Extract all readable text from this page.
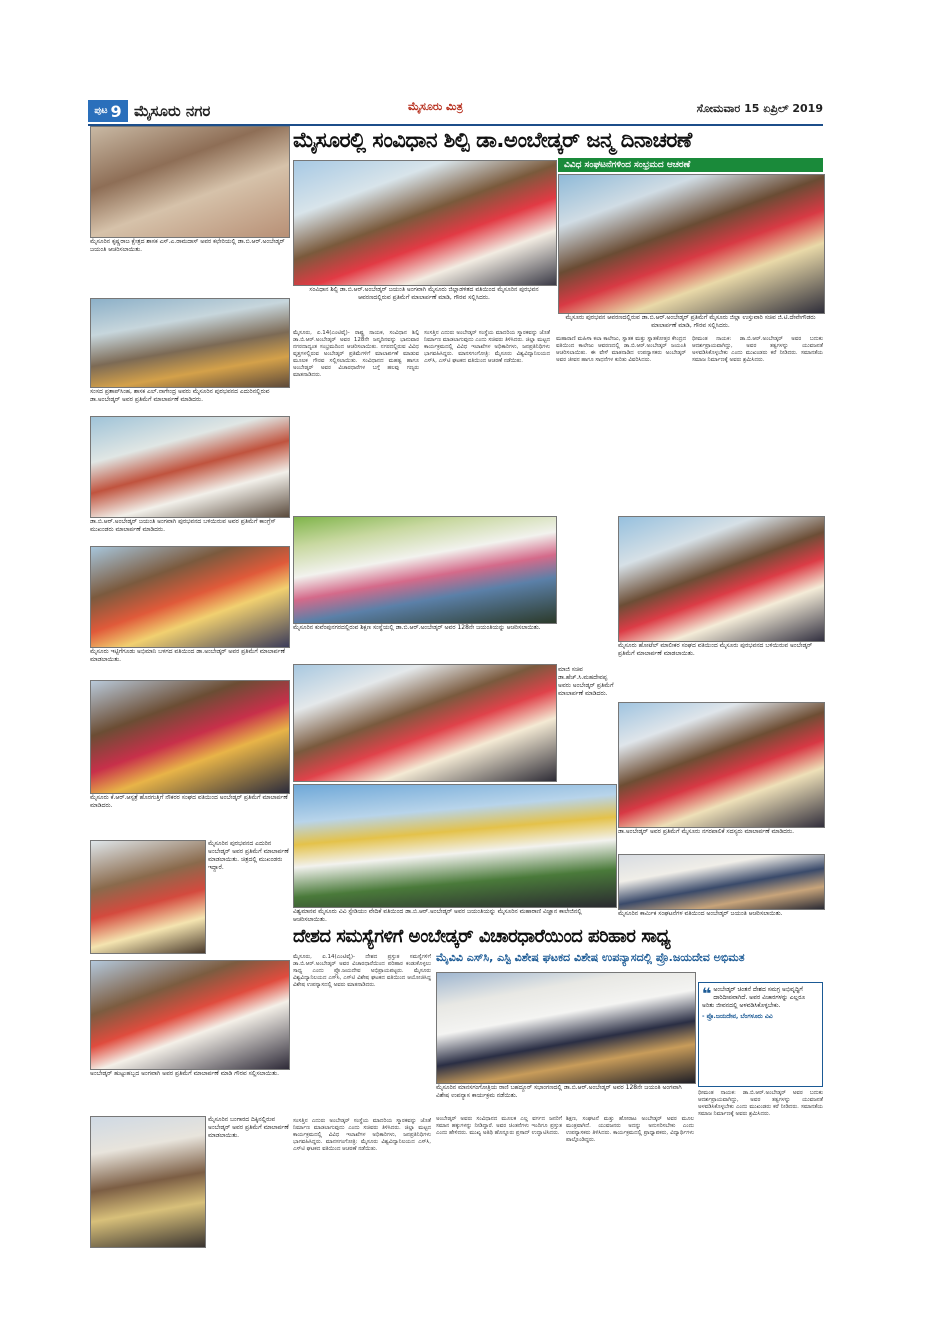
ಪುಟ 9 ಮೈಸೂರು ನಗರ	ಮೈಸೂರು ಮಿತ್ರ	ಸೋಮವಾರ 15 ಏಪ್ರಿಲ್ 2019
ಮೈಸೂರಲ್ಲಿ ಸಂವಿಧಾನ ಶಿಲ್ಪಿ ಡಾ.ಅಂಬೇಡ್ಕರ್ ಜನ್ಮ ದಿನಾಚರಣೆ
ವಿವಿಧ ಸಂಘಟನೆಗಳಿಂದ ಸಂಭ್ರಮದ ಆಚರಣೆ
ಮೈಸೂರಿನ ಕೃಷ್ಣರಾಜ ಕ್ಷೇತ್ರದ ಶಾಸಕ ಎಸ್.ಎ.ರಾಮದಾಸ್ ಅವರ ಕಛೇರಿಯಲ್ಲಿ ಡಾ.ಬಿ.ಆರ್.ಅಂಬೇಡ್ಕರ್ ಜಯಂತಿ ಆಚರಿಸಲಾಯಿತು.
ಸಂಸದ ಪ್ರತಾಪ್‌ಸಿಂಹ, ಶಾಸಕ ಎಲ್.ನಾಗೇಂದ್ರ ಅವರು ಮೈಸೂರಿನ ಪುರಭವನದ ಎದುರಿನಲ್ಲಿರುವ ಡಾ.ಅಂಬೇಡ್ಕರ್ ಅವರ ಪ್ರತಿಮೆಗೆ ಮಾಲಾರ್ಪಣೆ ಮಾಡಿದರು.
ಡಾ.ಬಿ.ಆರ್.ಅಂಬೇಡ್ಕರ್ ಜಯಂತಿ ಅಂಗವಾಗಿ ಪುರಭವನದ ಬಳಿಯಿರುವ ಅವರ ಪ್ರತಿಮೆಗೆ ಕಾಂಗ್ರೆಸ್ ಮುಖಂಡರು ಮಾಲಾರ್ಪಣೆ ಮಾಡಿದರು.
ಮೈಸೂರು ಇಟ್ಟಿಗೆಗೂಡು ಅಭಿಮಾನಿ ಬಳಗದ ವತಿಯಿಂದ ಡಾ.ಅಂಬೇಡ್ಕರ್ ಅವರ ಪ್ರತಿಮೆಗೆ ಮಾಲಾರ್ಪಣೆ ಮಾಡಲಾಯಿತು.
ಮೈಸೂರು ಕೆ.ಆರ್.ಆಸ್ಪತ್ರೆ ಹೊರಗುತ್ತಿಗೆ ನೌಕರರ ಸಂಘದ ವತಿಯಿಂದ ಅಂಬೇಡ್ಕರ್ ಪ್ರತಿಮೆಗೆ ಮಾಲಾರ್ಪಣೆ ಮಾಡಿದರು.
ಮೈಸೂರಿನ ಪುರಭವನದ ಎದುರಿನ ಅಂಬೇಡ್ಕರ್ ಅವರ ಪ್ರತಿಮೆಗೆ ಮಾಲಾರ್ಪಣೆ ಮಾಡಲಾಯಿತು. ಚಿತ್ರದಲ್ಲಿ ಮುಖಂಡರು ಇದ್ದಾರೆ.
ಅಂಬೇಡ್ಕರ್ ಹುಟ್ಟುಹಬ್ಬದ ಅಂಗವಾಗಿ ಅವರ ಪ್ರತಿಮೆಗೆ ಮಾಲಾರ್ಪಣೆ ಮಾಡಿ ಗೌರವ ಸಲ್ಲಿಸಲಾಯಿತು.
ಮೈಸೂರಿನ ಬಂಗಾರದ ದಿಕ್ಕಿನಲ್ಲಿರುವ ಅಂಬೇಡ್ಕರ್ ಅವರ ಪ್ರತಿಮೆಗೆ ಮಾಲಾರ್ಪಣೆ ಮಾಡಲಾಯಿತು.
ಸಂವಿಧಾನ ಶಿಲ್ಪಿ ಡಾ.ಬಿ.ಆರ್.ಅಂಬೇಡ್ಕರ್ ಜಯಂತಿ ಅಂಗವಾಗಿ ಮೈಸೂರು ಜಿಲ್ಲಾಡಳಿತದ ವತಿಯಿಂದ ಮೈಸೂರಿನ ಪುರಭವನ ಆವರಣದಲ್ಲಿರುವ ಪ್ರತಿಮೆಗೆ ಮಾಲಾರ್ಪಣೆ ಮಾಡಿ, ಗೌರವ ಸಲ್ಲಿಸಿದರು.
ಮೈಸೂರು ಪುರಭವನ ಆವರಣದಲ್ಲಿರುವ ಡಾ.ಬಿ.ಆರ್.ಅಂಬೇಡ್ಕರ್ ಪ್ರತಿಮೆಗೆ ಮೈಸೂರು ಜಿಲ್ಲಾ ಉಸ್ತುವಾರಿ ಸಚಿವ ಜಿ.ಟಿ.ದೇವೇಗೌಡರು ಮಾಲಾರ್ಪಣೆ ಮಾಡಿ, ಗೌರವ ಸಲ್ಲಿಸಿದರು.
ಮೈಸೂರು, ಏ.14(ಎಂಟಿವೈ)- ರಾಷ್ಟ್ರ ನಾಯಕ, ಸಂವಿಧಾನ ಶಿಲ್ಪಿ ಡಾ.ಬಿ.ಆರ್.ಅಂಬೇಡ್ಕರ್ ಅವರ 128ನೇ ಜನ್ಮದಿನವನ್ನು ಭಾನುವಾರ ನಗರದಾದ್ಯಂತ ಸಂಭ್ರಮದಿಂದ ಆಚರಿಸಲಾಯಿತು. ನಗರದಲ್ಲಿರುವ ವಿವಿಧ ವೃತ್ತಗಳಲ್ಲಿರುವ ಅಂಬೇಡ್ಕರ್ ಪ್ರತಿಮೆಗಳಿಗೆ ಮಾಲಾರ್ಪಣೆ ಮಾಡುವ ಮೂಲಕ ಗೌರವ ಸಲ್ಲಿಸಲಾಯಿತು. ಸಂವಿಧಾನದ ಮಹತ್ವ ಹಾಗೂ ಅಂಬೇಡ್ಕರ್ ಅವರ ವಿಚಾರಧಾರೆಗಳ ಬಗ್ಗೆ ಹಲವು ಗಣ್ಯರು ಮಾತನಾಡಿದರು.
ಸಂಸತ್ತಿನ ಎದುರು ಅಂಬೇಡ್ಕರ್ ಸಂಸ್ಥೆಯ ಮಾದರಿಯ ಸ್ಮಾರಕವನ್ನು ಜೊತೆ ನಿರ್ಮಾಣ ಮಾಡಲಾಗುವುದು ಎಂದು ಸಚಿವರು ತಿಳಿಸಿದರು. ಜಿಲ್ಲಾ ಮಟ್ಟದ ಕಾರ್ಯಕ್ರಮದಲ್ಲಿ ವಿವಿಧ ಇಲಾಖೆಗಳ ಅಧಿಕಾರಿಗಳು, ಜನಪ್ರತಿನಿಧಿಗಳು ಭಾಗವಹಿಸಿದ್ದರು. ಮಾನಸಗಂಗೋತ್ರಿ: ಮೈಸೂರು ವಿಶ್ವವಿದ್ಯಾನಿಲಯದ ಎಸ್‌ಸಿ, ಎಸ್‌ಟಿ ಘಟಕದ ವತಿಯಿಂದ ಆಚರಣೆ ನಡೆಯಿತು.
ಮಹಾರಾಣಿ ಮಹಿಳಾ ಕಲಾ ಕಾಲೇಜು, ಸ್ನಾತಕ ಮತ್ತು ಸ್ನಾತಕೋತ್ತರ ಕೇಂದ್ರದ ವತಿಯಿಂದ ಕಾಲೇಜು ಆವರಣದಲ್ಲಿ ಡಾ.ಬಿ.ಆರ್.ಅಂಬೇಡ್ಕರ್ ಜಯಂತಿ ಆಚರಿಸಲಾಯಿತು. ಈ ವೇಳೆ ಮಾತನಾಡಿದ ಉಪನ್ಯಾಸಕರು ಅಂಬೇಡ್ಕರ್ ಅವರ ಜೀವನ ಹಾಗೂ ಸಾಧನೆಗಳ ಕುರಿತು ವಿವರಿಸಿದರು.
ಧೀಮಂತ ನಾಯಕ: ಡಾ.ಬಿ.ಆರ್.ಅಂಬೇಡ್ಕರ್ ಅವರ ಬದುಕು ಆದರ್ಶಪ್ರಾಯವಾಗಿದ್ದು, ಅವರ ತತ್ವಗಳನ್ನು ಯುವಜನತೆ ಅಳವಡಿಸಿಕೊಳ್ಳಬೇಕು ಎಂದು ಮುಖಂಡರು ಕರೆ ನೀಡಿದರು. ಸಮಾನತೆಯ ಸಮಾಜ ನಿರ್ಮಾಣಕ್ಕೆ ಅವರು ಶ್ರಮಿಸಿದರು.
ಮೈಸೂರಿನ ಕುವೆಂಪುನಗರದಲ್ಲಿರುವ ಶಿಕ್ಷಣ ಸಂಸ್ಥೆಯಲ್ಲಿ ಡಾ.ಬಿ.ಆರ್.ಅಂಬೇಡ್ಕರ್ ಅವರ 128ನೇ ಜಯಂತಿಯನ್ನು ಆಚರಿಸಲಾಯಿತು.
ಮೈಸೂರು ಹೋಟೆಲ್ ಮಾಲೀಕರ ಸಂಘದ ವತಿಯಿಂದ ಮೈಸೂರು ಪುರಭವನದ ಬಳಿಯಿರುವ ಅಂಬೇಡ್ಕರ್ ಪ್ರತಿಮೆಗೆ ಮಾಲಾರ್ಪಣೆ ಮಾಡಲಾಯಿತು.
ಮಾಜಿ ಸಚಿವ ಡಾ.ಹೆಚ್.ಸಿ.ಮಹದೇವಪ್ಪ ಅವರು ಅಂಬೇಡ್ಕರ್ ಪ್ರತಿಮೆಗೆ ಮಾಲಾರ್ಪಣೆ ಮಾಡಿದರು.
ಡಾ.ಅಂಬೇಡ್ಕರ್ ಅವರ ಪ್ರತಿಮೆಗೆ ಮೈಸೂರು ನಗರಪಾಲಿಕೆ ಸದಸ್ಯರು ಮಾಲಾರ್ಪಣೆ ಮಾಡಿದರು.
ವಿಶ್ವಮಾನವ ಮೈಸೂರು ವಿವಿ ಸ್ಟೇಡಿಯಂ ವೇದಿಕೆ ವತಿಯಿಂದ ಡಾ.ಬಿ.ಆರ್.ಅಂಬೇಡ್ಕರ್ ಅವರ ಜಯಂತಿಯನ್ನು ಮೈಸೂರಿನ ಮಹಾರಾಣಿ ವಿಜ್ಞಾನ ಕಾಲೇಜಿನಲ್ಲಿ ಆಚರಿಸಲಾಯಿತು.
ಮೈಸೂರಿನ ಕಾರ್ಮಿಕ ಸಂಘಟನೆಗಳ ವತಿಯಿಂದ ಅಂಬೇಡ್ಕರ್ ಜಯಂತಿ ಆಚರಿಸಲಾಯಿತು.
ದೇಶದ ಸಮಸ್ಯೆಗಳಿಗೆ ಅಂಬೇಡ್ಕರ್ ವಿಚಾರಧಾರೆಯಿಂದ ಪರಿಹಾರ ಸಾಧ್ಯ
ಮೈವಿವಿ ಎಸ್‌ಸಿ, ಎಸ್ಟಿ ವಿಶೇಷ ಘಟಕದ ವಿಶೇಷ ಉಪನ್ಯಾಸದಲ್ಲಿ ಪ್ರೊ.ಜಯದೇವ ಅಭಿಮತ
ಮೈಸೂರು, ಏ.14(ಎಂಟಿವೈ)- ದೇಶದ ಪ್ರಸ್ತುತ ಸಮಸ್ಯೆಗಳಿಗೆ ಡಾ.ಬಿ.ಆರ್.ಅಂಬೇಡ್ಕರ್ ಅವರ ವಿಚಾರಧಾರೆಯಿಂದ ಪರಿಹಾರ ಕಂಡುಕೊಳ್ಳಲು ಸಾಧ್ಯ ಎಂದು ಪ್ರೊ.ಜಯದೇವ ಅಭಿಪ್ರಾಯಪಟ್ಟರು. ಮೈಸೂರು ವಿಶ್ವವಿದ್ಯಾನಿಲಯದ ಎಸ್‌ಸಿ, ಎಸ್‌ಟಿ ವಿಶೇಷ ಘಟಕದ ವತಿಯಿಂದ ಆಯೋಜಿಸಿದ್ದ ವಿಶೇಷ ಉಪನ್ಯಾಸದಲ್ಲಿ ಅವರು ಮಾತನಾಡಿದರು.
ಮೈಸೂರಿನ ಮಾನಸಗಂಗೋತ್ರಿಯ ರಾಣಿ ಬಹದ್ದೂರ್ ಸಭಾಂಗಣದಲ್ಲಿ ಡಾ.ಬಿ.ಆರ್.ಅಂಬೇಡ್ಕರ್ ಅವರ 128ನೇ ಜಯಂತಿ ಅಂಗವಾಗಿ ವಿಶೇಷ ಉಪನ್ಯಾಸ ಕಾರ್ಯಕ್ರಮ ನಡೆಯಿತು.
❝ ಅಂಬೇಡ್ಕರ್ ಚಿಂತನೆ ದೇಶದ ಸಮಗ್ರ ಅಭಿವೃದ್ಧಿಗೆ ದಾರಿದೀಪವಾಗಿದೆ. ಅವರ ವಿಚಾರಗಳನ್ನು ಎಲ್ಲರೂ ಅರಿತು ಜೀವನದಲ್ಲಿ ಅಳವಡಿಸಿಕೊಳ್ಳಬೇಕು.
- ಪ್ರೊ.ಜಯದೇವ, ಬೆಂಗಳೂರು ವಿವಿ
ಅಂಬೇಡ್ಕರ್ ಅವರು ಸಂವಿಧಾನದ ಮೂಲಕ ಎಲ್ಲ ವರ್ಗದ ಜನರಿಗೆ ಸಮಾನ ಹಕ್ಕುಗಳನ್ನು ನೀಡಿದ್ದಾರೆ. ಅವರ ಚಿಂತನೆಗಳು ಇಂದಿಗೂ ಪ್ರಸ್ತುತ ಎಂದು ಹೇಳಿದರು. ಮುಖ್ಯ ಅತಿಥಿ ಹೊನ್ನೂರು ಪ್ರಸಾದ್ ಉದ್ಘಾಟಿಸಿದರು.
ಶಿಕ್ಷಣ, ಸಂಘಟನೆ ಮತ್ತು ಹೋರಾಟ ಅಂಬೇಡ್ಕರ್ ಅವರ ಮೂಲ ಮಂತ್ರವಾಗಿದೆ. ಯುವಜನರು ಅದನ್ನು ಅನುಸರಿಸಬೇಕು ಎಂದು ಉಪನ್ಯಾಸಕರು ತಿಳಿಸಿದರು. ಕಾರ್ಯಕ್ರಮದಲ್ಲಿ ಪ್ರಾಧ್ಯಾಪಕರು, ವಿದ್ಯಾರ್ಥಿಗಳು ಪಾಲ್ಗೊಂಡಿದ್ದರು.
ಧೀಮಂತ ನಾಯಕ: ಡಾ.ಬಿ.ಆರ್.ಅಂಬೇಡ್ಕರ್ ಅವರ ಬದುಕು ಆದರ್ಶಪ್ರಾಯವಾಗಿದ್ದು, ಅವರ ತತ್ವಗಳನ್ನು ಯುವಜನತೆ ಅಳವಡಿಸಿಕೊಳ್ಳಬೇಕು ಎಂದು ಮುಖಂಡರು ಕರೆ ನೀಡಿದರು. ಸಮಾನತೆಯ ಸಮಾಜ ನಿರ್ಮಾಣಕ್ಕೆ ಅವರು ಶ್ರಮಿಸಿದರು.
ಸಂಸತ್ತಿನ ಎದುರು ಅಂಬೇಡ್ಕರ್ ಸಂಸ್ಥೆಯ ಮಾದರಿಯ ಸ್ಮಾರಕವನ್ನು ಜೊತೆ ನಿರ್ಮಾಣ ಮಾಡಲಾಗುವುದು ಎಂದು ಸಚಿವರು ತಿಳಿಸಿದರು. ಜಿಲ್ಲಾ ಮಟ್ಟದ ಕಾರ್ಯಕ್ರಮದಲ್ಲಿ ವಿವಿಧ ಇಲಾಖೆಗಳ ಅಧಿಕಾರಿಗಳು, ಜನಪ್ರತಿನಿಧಿಗಳು ಭಾಗವಹಿಸಿದ್ದರು. ಮಾನಸಗಂಗೋತ್ರಿ: ಮೈಸೂರು ವಿಶ್ವವಿದ್ಯಾನಿಲಯದ ಎಸ್‌ಸಿ, ಎಸ್‌ಟಿ ಘಟಕದ ವತಿಯಿಂದ ಆಚರಣೆ ನಡೆಯಿತು.
